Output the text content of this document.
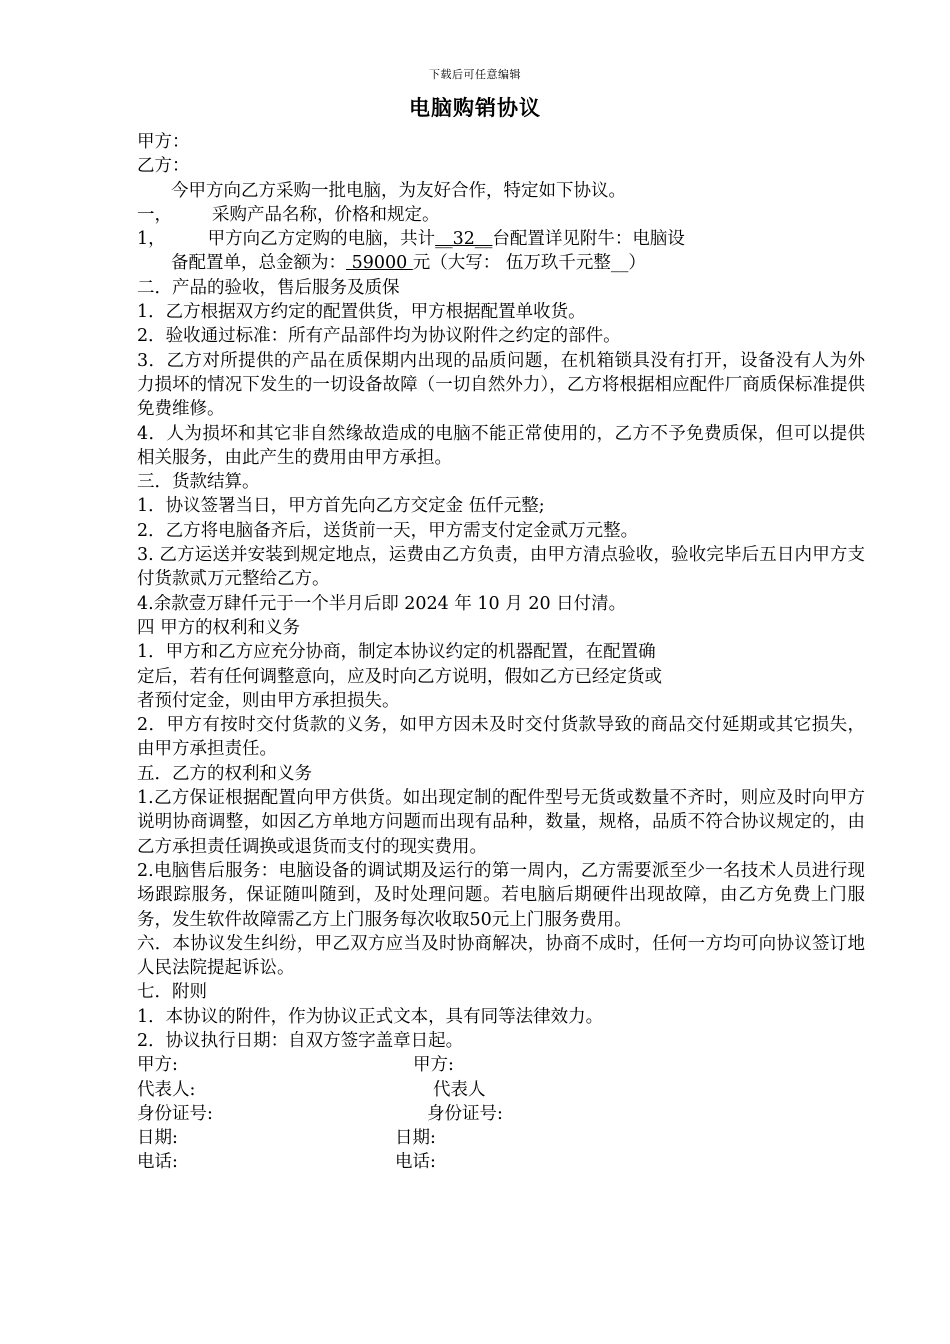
下载后可任意编辑
电脑购销协议
甲方：
乙方：
今甲方向乙方采购一批电脑，为友好合作，特定如下协议。
一， 采购产品名称，价格和规定。
1， 甲方向乙方定购的电脑，共计__32__台配置详见附牛：电脑设
备配置单，总金额为： 59000 元（大写： 伍万玖千元整__）
二．产品的验收，售后服务及质保
1．乙方根据双方约定的配置供货，甲方根据配置单收货。
2．验收通过标准：所有产品部件均为协议附件之约定的部件。
3．乙方对所提供的产品在质保期内出现的品质问题，在机箱锁具没有打开，设备没有人为外力损坏的情况下发生的一切设备故障（一切自然外力），乙方将根据相应配件厂商质保标准提供免费维修。
4．人为损坏和其它非自然缘故造成的电脑不能正常使用的，乙方不予免费质保，但可以提供相关服务，由此产生的费用由甲方承担。
三．货款结算。
1．协议签署当日，甲方首先向乙方交定金 伍仟元整;
2．乙方将电脑备齐后，送货前一天，甲方需支付定金贰万元整。
3. 乙方运送并安装到规定地点，运费由乙方负责，由甲方清点验收，验收完毕后五日内甲方支付货款贰万元整给乙方。
4.余款壹万肆仟元于一个半月后即 2024 年 10 月 20 日付清。
四 甲方的权利和义务
1．甲方和乙方应充分协商，制定本协议约定的机器配置，在配置确
定后，若有任何调整意向，应及时向乙方说明，假如乙方已经定货或
者预付定金，则由甲方承担损失。
2．甲方有按时交付货款的义务，如甲方因未及时交付货款导致的商品交付延期或其它损失，由甲方承担责任。
五．乙方的权利和义务
1.乙方保证根据配置向甲方供货。如出现定制的配件型号无货或数量不齐时，则应及时向甲方说明协商调整，如因乙方单地方问题而出现有品种，数量，规格，品质不符合协议规定的，由乙方承担责任调换或退货而支付的现实费用。
2.电脑售后服务：电脑设备的调试期及运行的第一周内，乙方需要派至少一名技术人员进行现场跟踪服务，保证随叫随到，及时处理问题。若电脑后期硬件出现故障，由乙方免费上门服务，发生软件故障需乙方上门服务每次收取50元上门服务费用。
六．本协议发生纠纷，甲乙双方应当及时协商解决，协商不成时，任何一方均可向协议签订地人民法院提起诉讼。
七．附则
1．本协议的附件，作为协议正式文本，具有同等法律效力。
2．协议执行日期：自双方签字盖章日起。
甲方:	甲方:
代表人:	代表人
身份证号:	身份证号:
日期:	日期:
电话:	电话:
